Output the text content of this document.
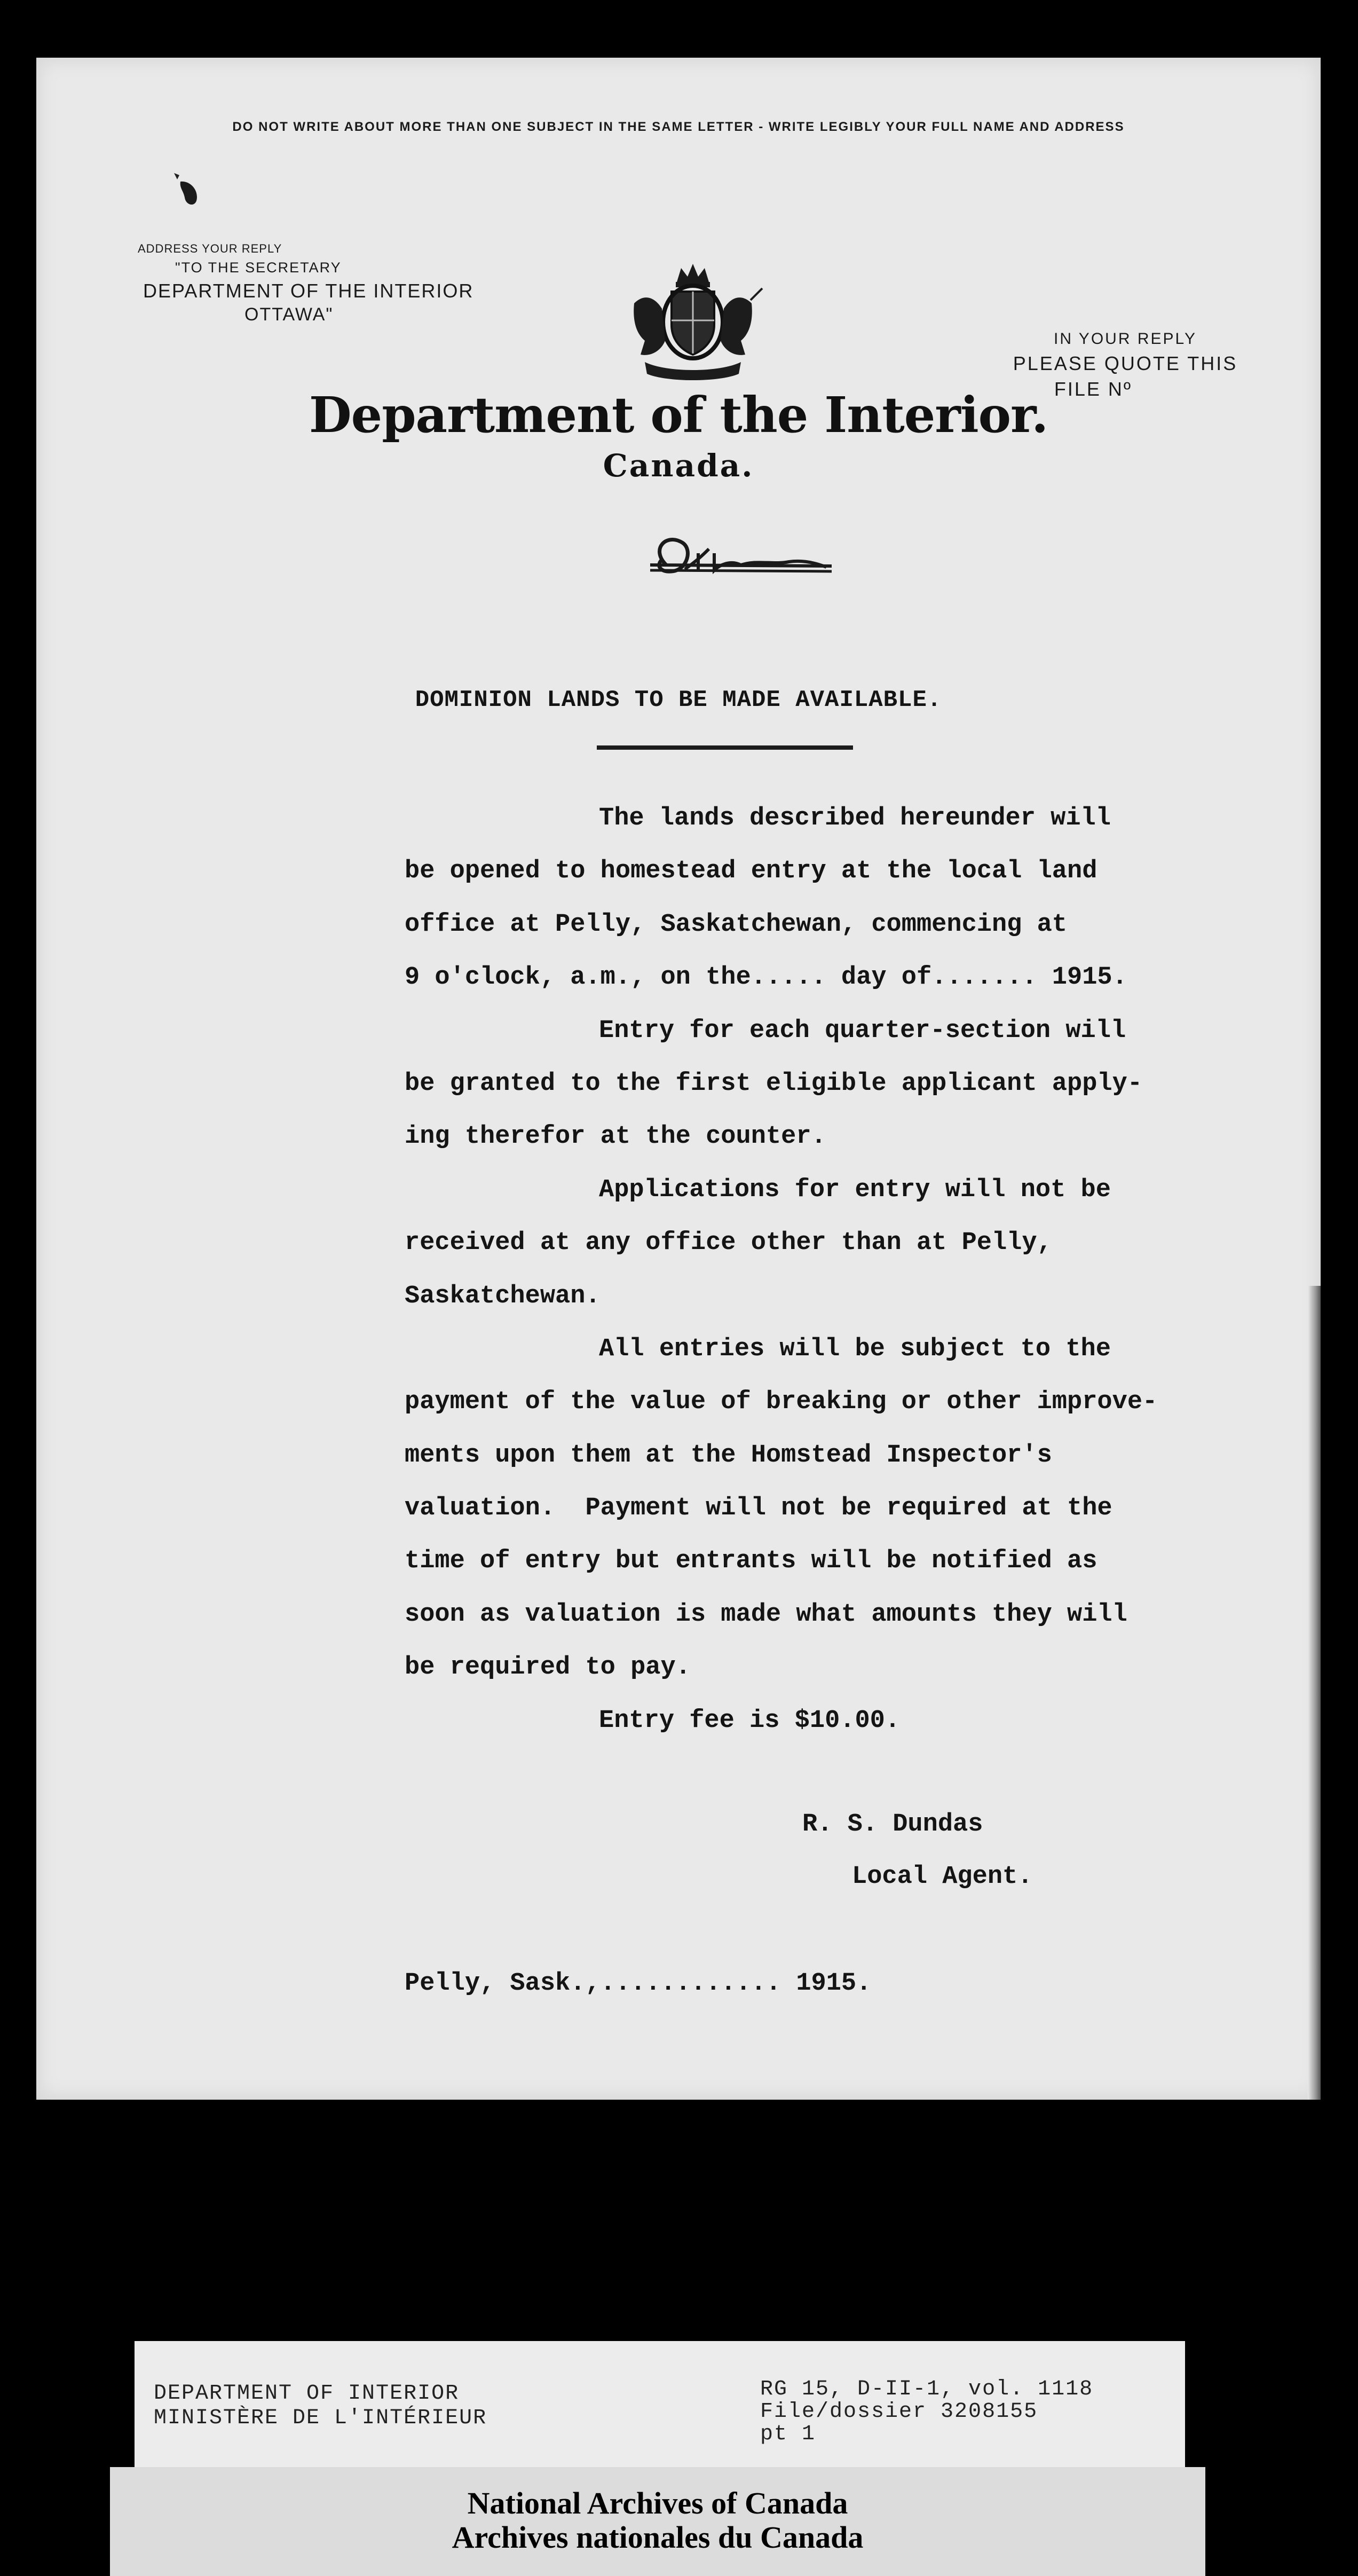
DO NOT WRITE ABOUT MORE THAN ONE SUBJECT IN THE SAME LETTER - WRITE LEGIBLY YOUR FULL NAME AND ADDRESS
ADDRESS YOUR REPLY
"TO THE SECRETARY
DEPARTMENT OF THE INTERIOR
OTTAWA"
IN YOUR REPLY
PLEASE QUOTE THIS
FILE Nº
Department of the Interior.
Canada.
DOMINION LANDS TO BE MADE AVAILABLE.
The lands described hereunder will
be opened to homestead entry at the local land
office at Pelly, Saskatchewan, commencing at
9 o'clock, a.m., on the..... day of....... 1915.
Entry for each quarter-section will
be granted to the first eligible applicant apply-
ing therefor at the counter.
Applications for entry will not be
received at any office other than at Pelly,
Saskatchewan.
All entries will be subject to the
payment of the value of breaking or other improve-
ments upon them at the Homstead Inspector's
valuation.  Payment will not be required at the
time of entry but entrants will be notified as
soon as valuation is made what amounts they will
be required to pay.
Entry fee is $10.00.
R. S. Dundas
Local Agent.
Pelly, Sask.,............ 1915.
DEPARTMENT OF INTERIOR
MINISTÈRE DE L'INTÉRIEUR
RG 15, D-II-1, vol. 1118
File/dossier 3208155
pt 1
National Archives of Canada
Archives nationales du Canada
